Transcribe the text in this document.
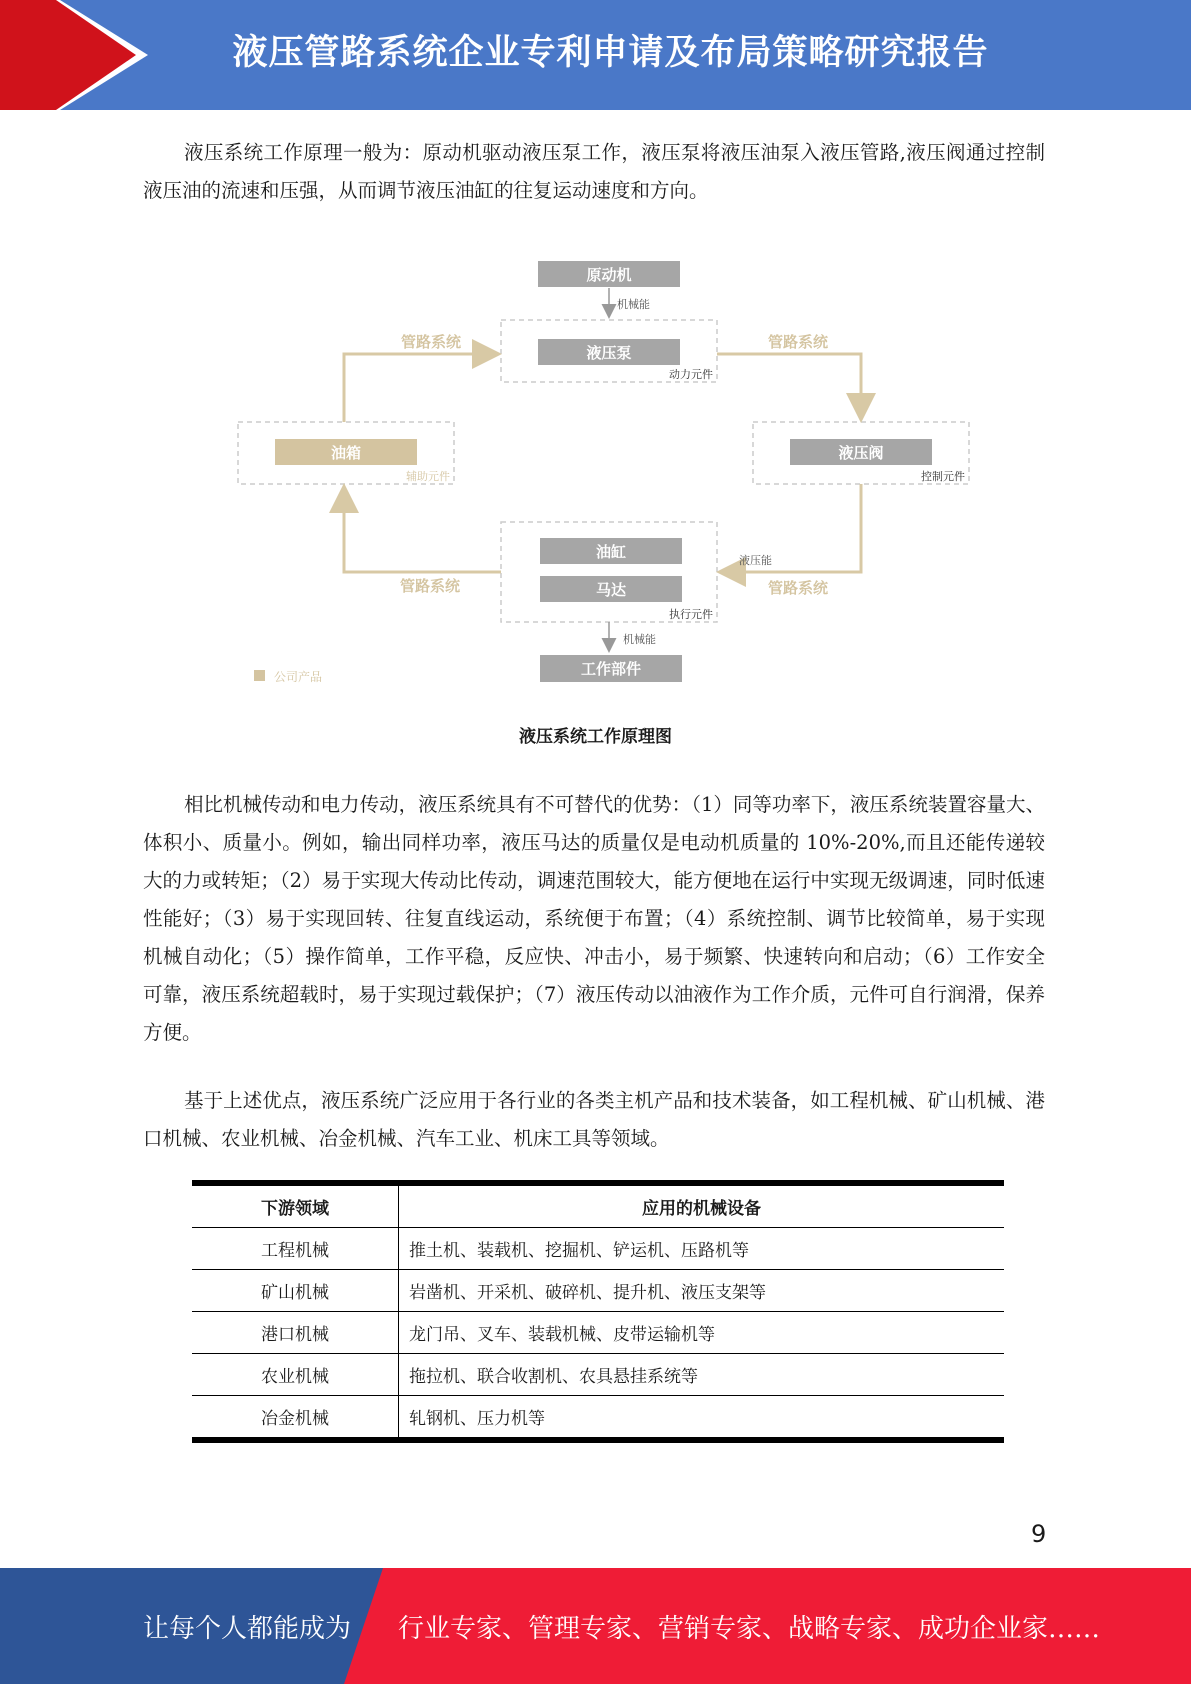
液压管路系统企业专利申请及布局策略研究报告

液压系统工作原理一般为：原动机驱动液压泵工作，液压泵将液压油泵入液压管路,液压阀通过控制液压油的流速和压强，从而调节液压油缸的往复运动速度和方向。

原动机
液压泵
动力元件
油箱
辅助元件
液压阀
控制元件
油缸
马达
执行元件
工作部件
机械能
机械能
液压能
管路系统	管路系统
管路系统	管路系统
公司产品
液压系统工作原理图

相比机械传动和电力传动，液压系统具有不可替代的优势：（1）同等功率下，液压系统装置容量大、体积小、质量小。例如，输出同样功率，液压马达的质量仅是电动机质量的 10%-20%,而且还能传递较大的力或转矩；（2）易于实现大传动比传动，调速范围较大，能方便地在运行中实现无级调速，同时低速性能好；（3）易于实现回转、往复直线运动，系统便于布置；（4）系统控制、调节比较简单，易于实现机械自动化；（5）操作简单，工作平稳，反应快、冲击小，易于频繁、快速转向和启动；（6）工作安全可靠，液压系统超载时，易于实现过载保护；（7）液压传动以油液作为工作介质，元件可自行润滑，保养方便。

基于上述优点，液压系统广泛应用于各行业的各类主机产品和技术装备，如工程机械、矿山机械、港口机械、农业机械、冶金机械、汽车工业、机床工具等领域。

下游领域	应用的机械设备
工程机械	推土机、装载机、挖掘机、铲运机、压路机等
矿山机械	岩凿机、开采机、破碎机、提升机、液压支架等
港口机械	龙门吊、叉车、装载机械、皮带运输机等
农业机械	拖拉机、联合收割机、农具悬挂系统等
冶金机械	轧钢机、压力机等
9
让每个人都能成为 行业专家、管理专家、营销专家、战略专家、成功企业家……
